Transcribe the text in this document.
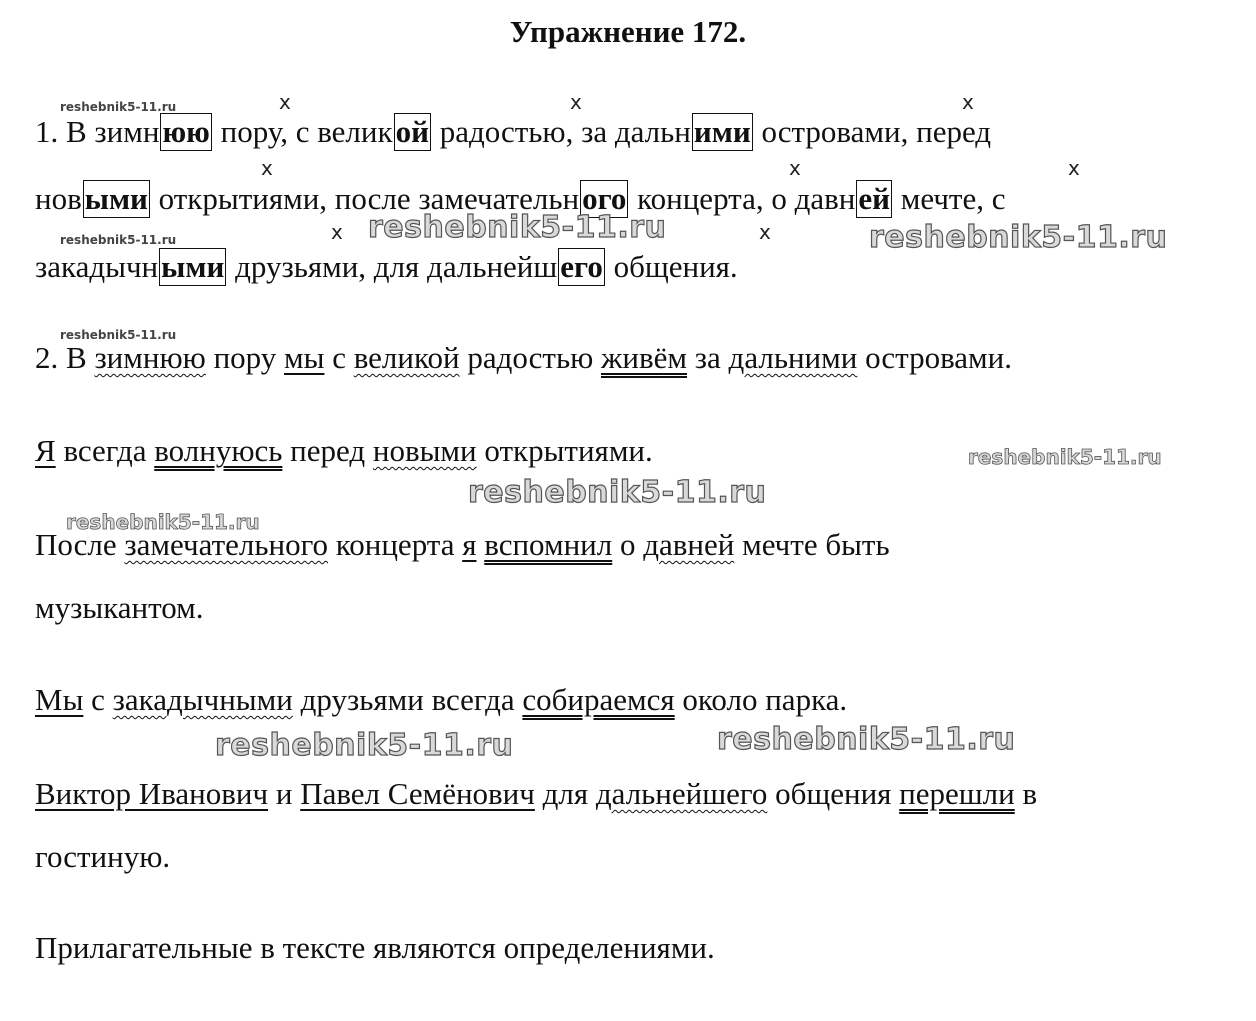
Упражнение 172.
1. В зимнюю пору, с великой радостью, за дальними островами, перед
новыми открытиями, после замечательного концерта, о давней мечте, с
закадычными друзьями, для дальнейшего общения.
x	x	x
x	x	x
x	x
2. В зимнюю пору мы с великой радостью живём за дальними островами.
Я всегда волнуюсь перед новыми открытиями.
После замечательного концерта я вспомнил о давней мечте быть
музыкантом.
Мы с закадычными друзьями всегда собираемся около парка.
Виктор Иванович и Павел Семёнович для дальнейшего общения перешли в
гостиную.
Прилагательные в тексте являются определениями.
reshebnik5-11.ru
reshebnik5-11.ru
reshebnik5-11.ru
reshebnik5-11.ru	reshebnik5-11.ru
reshebnik5-11.ru
reshebnik5-11.ru
reshebnik5-11.ru
reshebnik5-11.ru	reshebnik5-11.ru
